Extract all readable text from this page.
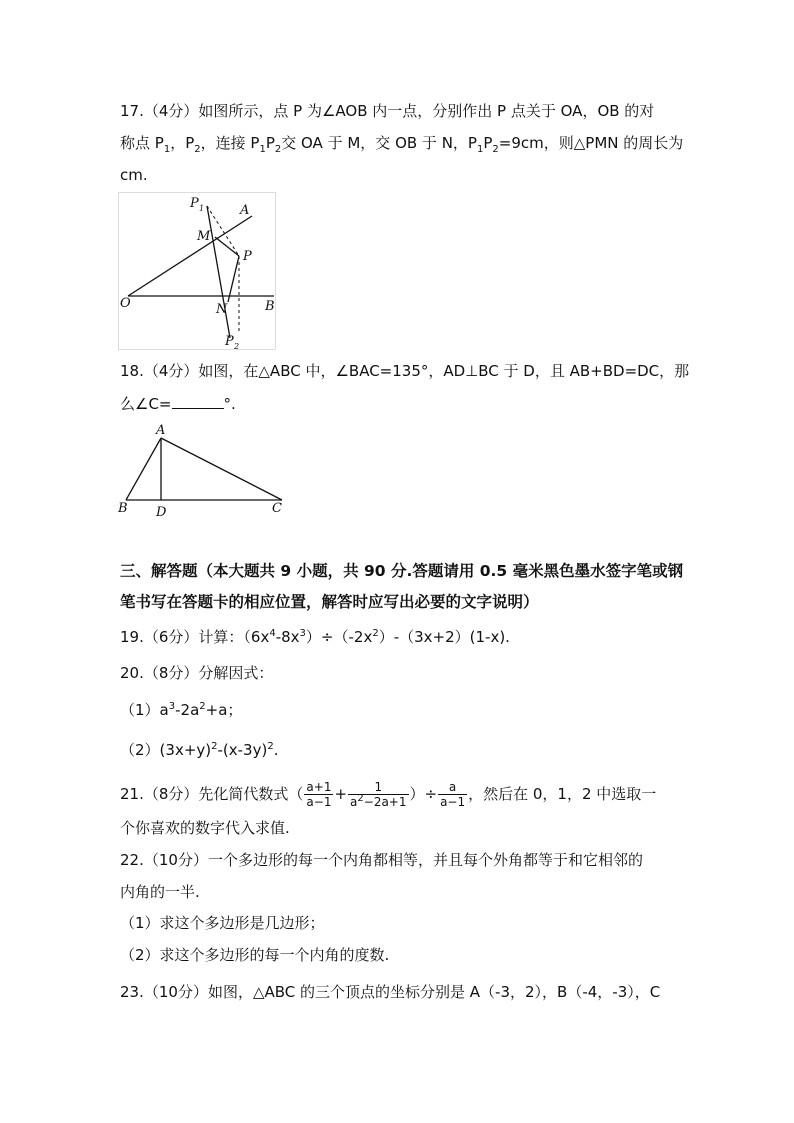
17.（4分）如图所示，点 P 为∠AOB 内一点，分别作出 P 点关于 OA，OB 的对
称点 $P_1$，$P_2$，连接 $P_1P_2$交 OA 于 M，交 OB 于 N，$P_1P_2=9cm$，则△PMN 的周长为
cm.
P 1	A
M
P
O	N	B
P 2
18.（4分）如图，在△ABC 中，∠BAC=135°，AD⊥BC 于 D，且 AB+BD=DC，那
么∠C=	°.
A
B D	C
三、解答题（本大题共 9 小题，共 90 分.答题请用 0.5 毫米黑色墨水签字笔或钢
笔书写在答题卡的相应位置，解答时应写出必要的文字说明）
19.（6分）计算：$(6x^4-8x^3)\div(-2x^2)-(3x+2)(1-x)$.
20.（8分）分解因式：
$(1)a^3-2a^2+a$；
$(2)(3x+y)^2-(x-3y)^2$.
21.（8分）先化简代数式（ $\frac{a+1}{a-1} + \frac{1}{a^2-2a+1}$ ）÷ $\frac{a}{a-1}$ ，然后在 0，1，2 中选取一
个你喜欢的数字代入求值.
22.（10分）一个多边形的每一个内角都相等，并且每个外角都等于和它相邻的
内角的一半.
（1）求这个多边形是几边形；
（2）求这个多边形的每一个内角的度数.
23.（10分）如图，△ABC 的三个顶点的坐标分别是 A（-3，2），B（-4，-3），C
